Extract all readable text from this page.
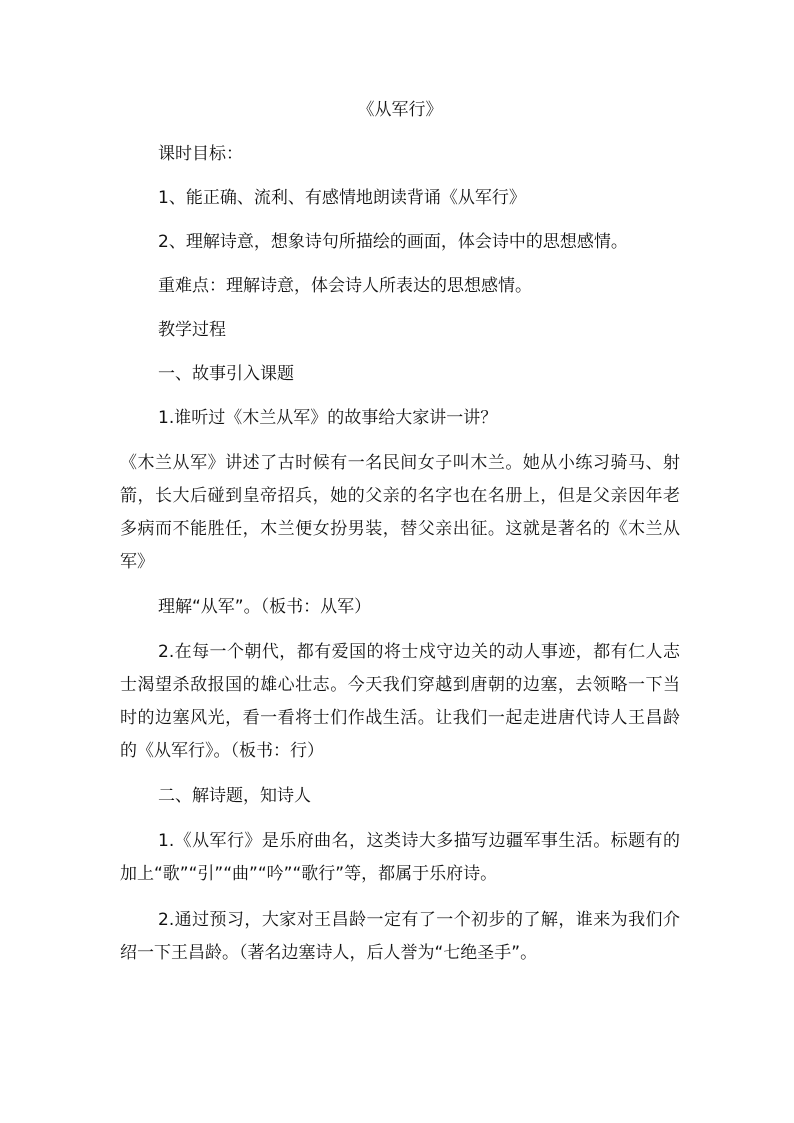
《从军行》
课时目标：
1、能正确、流利、有感情地朗读背诵《从军行》
2、理解诗意，想象诗句所描绘的画面，体会诗中的思想感情。
重难点：理解诗意，体会诗人所表达的思想感情。
教学过程
一、故事引入课题
1.谁听过《木兰从军》的故事给大家讲一讲？
《木兰从军》讲述了古时候有一名民间女子叫木兰。她从小练习骑马、射箭，长大后碰到皇帝招兵，她的父亲的名字也在名册上，但是父亲因年老多病而不能胜任，木兰便女扮男装，替父亲出征。这就是著名的《木兰从军》
理解“从军”。（板书：从军）
2.在每一个朝代，都有爱国的将士戍守边关的动人事迹，都有仁人志士渴望杀敌报国的雄心壮志。今天我们穿越到唐朝的边塞，去领略一下当时的边塞风光，看一看将士们作战生活。让我们一起走进唐代诗人王昌龄的《从军行》。（板书：行）
二、解诗题，知诗人
1.《从军行》是乐府曲名，这类诗大多描写边疆军事生活。标题有的加上“歌”“引”“曲”“吟”“歌行”等，都属于乐府诗。
2.通过预习，大家对王昌龄一定有了一个初步的了解，谁来为我们介绍一下王昌龄。（著名边塞诗人，后人誉为“七绝圣手”。
